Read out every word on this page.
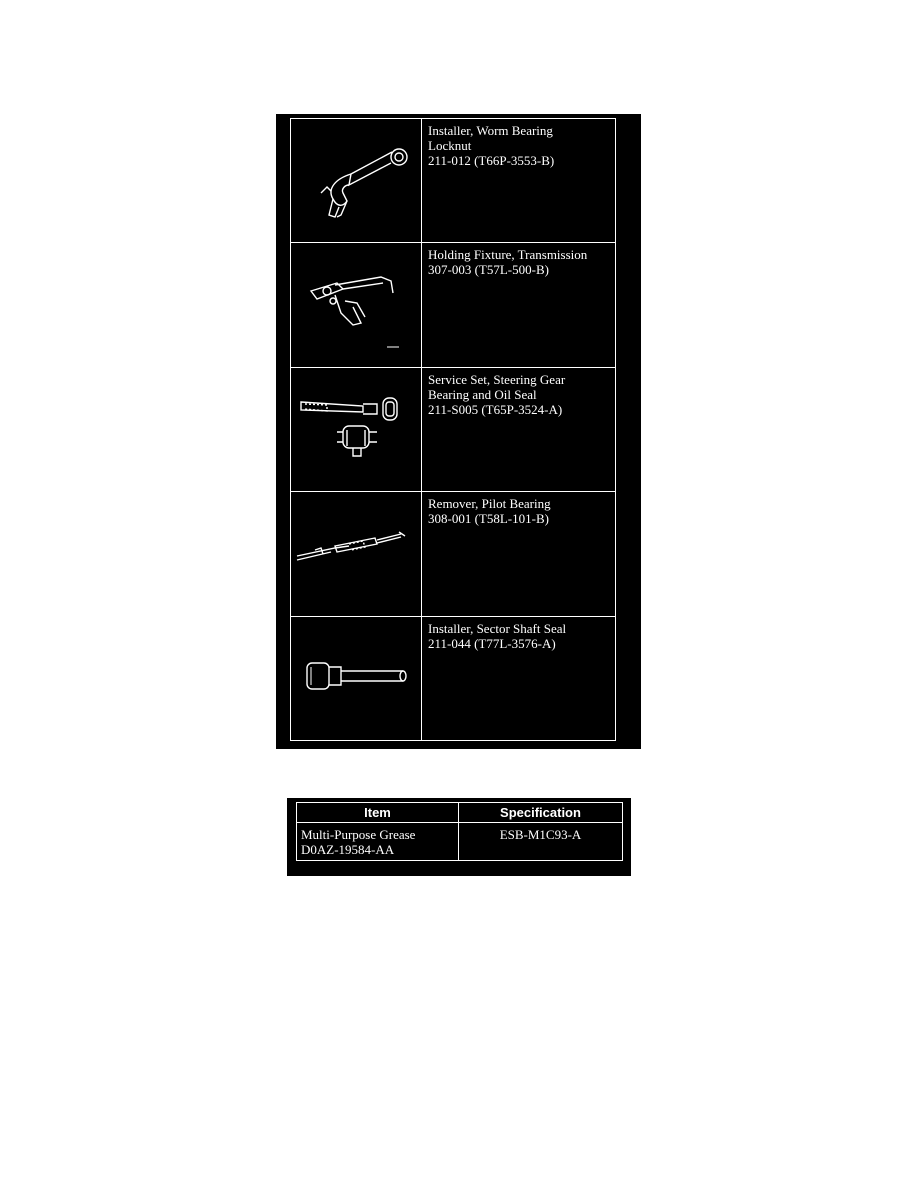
Installer, Worm Bearing
Locknut
211-012 (T66P-3553-B)
Holding Fixture, Transmission
307-003 (T57L-500-B)
Service Set, Steering Gear
Bearing and Oil Seal
211-S005 (T65P-3524-A)
Remover, Pilot Bearing
308-001 (T58L-101-B)
Installer, Sector Shaft Seal
211-044 (T77L-3576-A)
Item	Specification
Multi-Purpose Grease
D0AZ-19584-AA
ESB-M1C93-A
